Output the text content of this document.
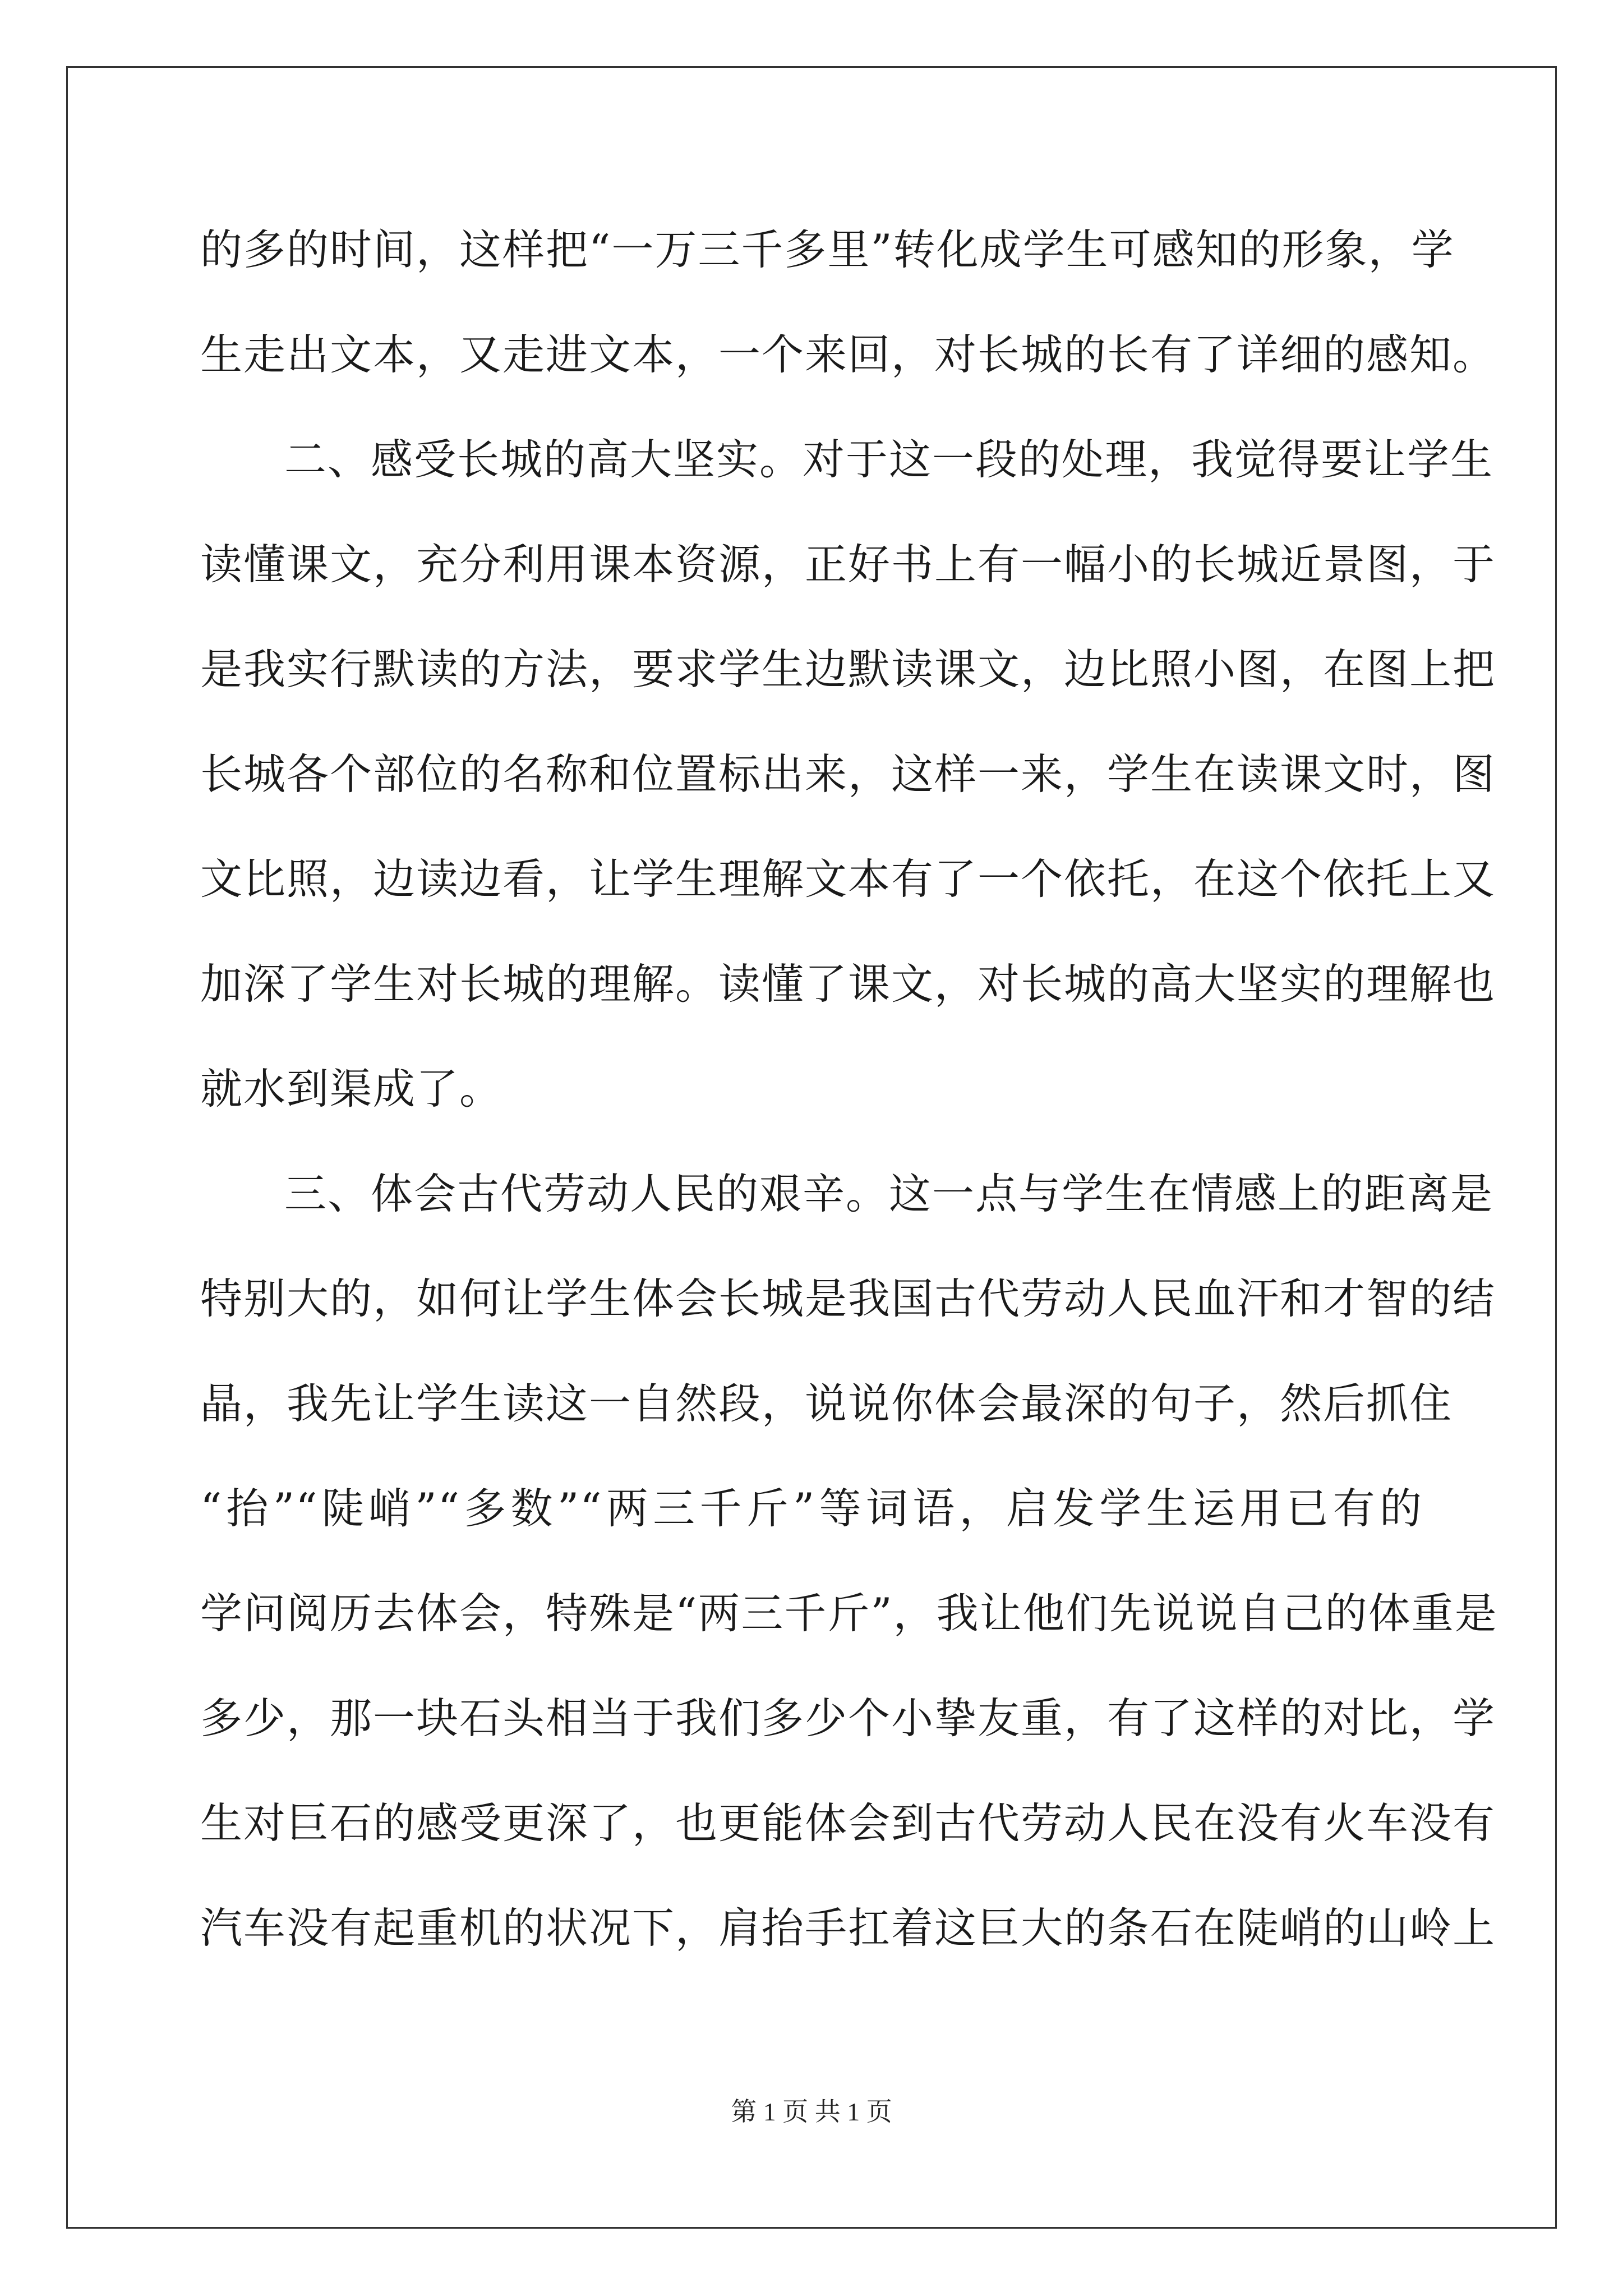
的多的时间，这样把“一万三千多里”转化成学生可感知的形象，学
生走出文本，又走进文本，一个来回，对长城的长有了详细的感知。
二、感受长城的高大坚实。对于这一段的处理，我觉得要让学生
读懂课文，充分利用课本资源，正好书上有一幅小的长城近景图，于
是我实行默读的方法，要求学生边默读课文，边比照小图，在图上把
长城各个部位的名称和位置标出来，这样一来，学生在读课文时，图
文比照，边读边看，让学生理解文本有了一个依托，在这个依托上又
加深了学生对长城的理解。读懂了课文，对长城的高大坚实的理解也
就水到渠成了。
三、体会古代劳动人民的艰辛。这一点与学生在情感上的距离是
特别大的，如何让学生体会长城是我国古代劳动人民血汗和才智的结
晶，我先让学生读这一自然段，说说你体会最深的句子，然后抓住
“抬”“陡峭”“多数”“两三千斤”等词语，启发学生运用已有的
学问阅历去体会，特殊是“两三千斤”，我让他们先说说自己的体重是
多少，那一块石头相当于我们多少个小挚友重，有了这样的对比，学
生对巨石的感受更深了，也更能体会到古代劳动人民在没有火车没有
汽车没有起重机的状况下，肩抬手扛着这巨大的条石在陡峭的山岭上
第 1 页 共 1 页
